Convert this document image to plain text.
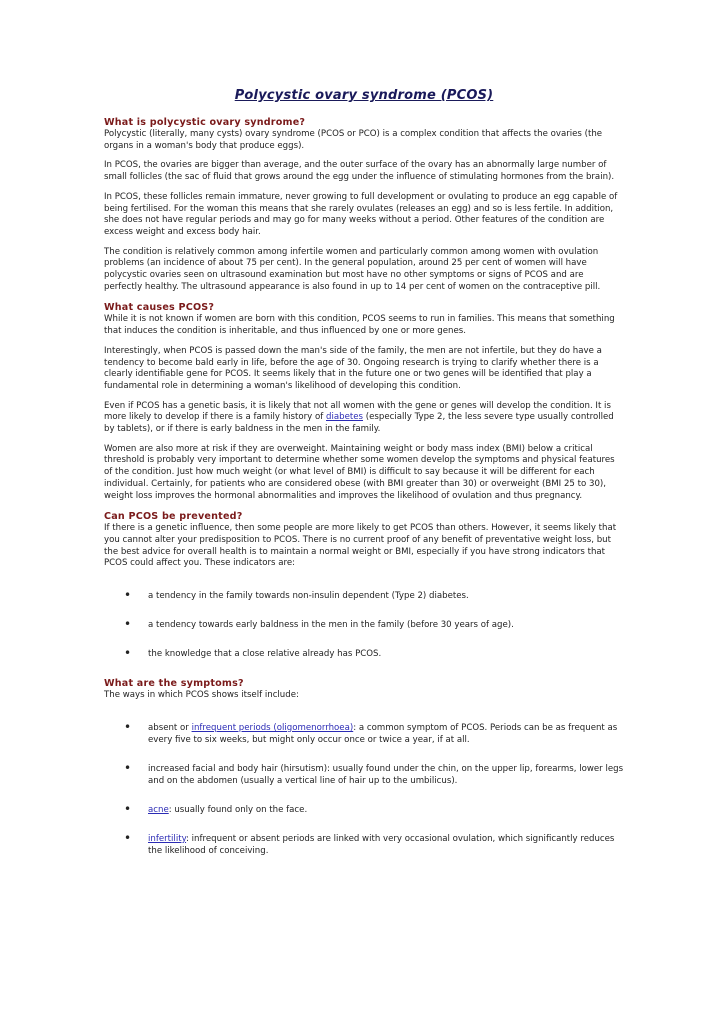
Polycystic ovary syndrome (PCOS)
What is polycystic ovary syndrome?

Polycystic (literally, many cysts) ovary syndrome (PCOS or PCO) is a complex condition that affects the ovaries (the organs in a woman's body that produce eggs).

In PCOS, the ovaries are bigger than average, and the outer surface of the ovary has an abnormally large number of small follicles (the sac of fluid that grows around the egg under the influence of stimulating hormones from the brain).

In PCOS, these follicles remain immature, never growing to full development or ovulating to produce an egg capable of being fertilised. For the woman this means that she rarely ovulates (releases an egg) and so is less fertile. In addition, she does not have regular periods and may go for many weeks without a period. Other features of the condition are excess weight and excess body hair.

The condition is relatively common among infertile women and particularly common among women with ovulation problems (an incidence of about 75 per cent). In the general population, around 25 per cent of women will have polycystic ovaries seen on ultrasound examination but most have no other symptoms or signs of PCOS and are perfectly healthy. The ultrasound appearance is also found in up to 14 per cent of women on the contraceptive pill.

What causes PCOS?

While it is not known if women are born with this condition, PCOS seems to run in families. This means that something that induces the condition is inheritable, and thus influenced by one or more genes.

Interestingly, when PCOS is passed down the man's side of the family, the men are not infertile, but they do have a tendency to become bald early in life, before the age of 30. Ongoing research is trying to clarify whether there is a clearly identifiable gene for PCOS. It seems likely that in the future one or two genes will be identified that play a fundamental role in determining a woman's likelihood of developing this condition.

Even if PCOS has a genetic basis, it is likely that not all women with the gene or genes will develop the condition. It is more likely to develop if there is a family history of diabetes (especially Type 2, the less severe type usually controlled by tablets), or if there is early baldness in the men in the family.

Women are also more at risk if they are overweight. Maintaining weight or body mass index (BMI) below a critical threshold is probably very important to determine whether some women develop the symptoms and physical features of the condition. Just how much weight (or what level of BMI) is difficult to say because it will be different for each individual. Certainly, for patients who are considered obese (with BMI greater than 30) or overweight (BMI 25 to 30), weight loss improves the hormonal abnormalities and improves the likelihood of ovulation and thus pregnancy.

Can PCOS be prevented?

If there is a genetic influence, then some people are more likely to get PCOS than others. However, it seems likely that you cannot alter your predisposition to PCOS. There is no current proof of any benefit of preventative weight loss, but the best advice for overall health is to maintain a normal weight or BMI, especially if you have strong indicators that PCOS could affect you. These indicators are:

• a tendency in the family towards non-insulin dependent (Type 2) diabetes.
• a tendency towards early baldness in the men in the family (before 30 years of age).
• the knowledge that a close relative already has PCOS.
What are the symptoms?

The ways in which PCOS shows itself include:

• absent or infrequent periods (oligomenorrhoea): a common symptom of PCOS. Periods can be as frequent as every five to six weeks, but might only occur once or twice a year, if at all.
• increased facial and body hair (hirsutism): usually found under the chin, on the upper lip, forearms, lower legs and on the abdomen (usually a vertical line of hair up to the umbilicus).
• acne: usually found only on the face.
• infertility: infrequent or absent periods are linked with very occasional ovulation, which significantly reduces the likelihood of conceiving.
